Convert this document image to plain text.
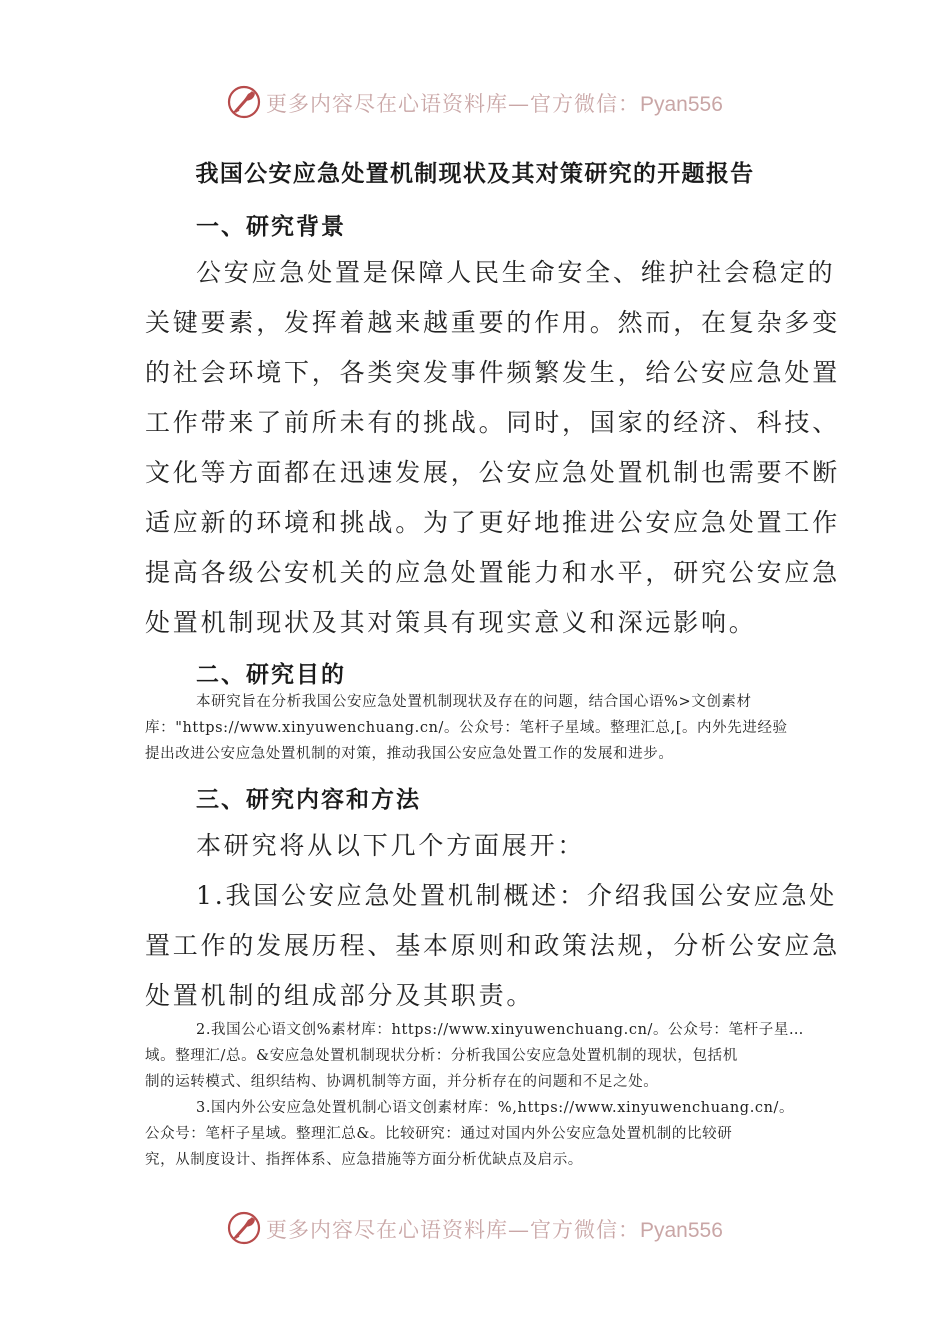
更多内容尽在心语资料库—官方微信：Pyan556
我国公安应急处置机制现状及其对策研究的开题报告
一、研究背景
公安应急处置是保障人民生命安全、维护社会稳定的
关键要素，发挥着越来越重要的作用。然而，在复杂多变
的社会环境下，各类突发事件频繁发生，给公安应急处置
工作带来了前所未有的挑战。同时，国家的经济、科技、
文化等方面都在迅速发展，公安应急处置机制也需要不断
适应新的环境和挑战。为了更好地推进公安应急处置工作
提高各级公安机关的应急处置能力和水平，研究公安应急
处置机制现状及其对策具有现实意义和深远影响。
二、研究目的
本研究旨在分析我国公安应急处置机制现状及存在的问题，结合国心语%>文创素材
库："https://www.xinyuwenchuang.cn/。公众号：笔杆子星域。整理汇总,[。内外先进经验
提出改进公安应急处置机制的对策，推动我国公安应急处置工作的发展和进步。
三、研究内容和方法
本研究将从以下几个方面展开：
1.我国公安应急处置机制概述：介绍我国公安应急处
置工作的发展历程、基本原则和政策法规，分析公安应急
处置机制的组成部分及其职责。
2.我国公心语文创%素材库：https://www.xinyuwenchuang.cn/。公众号：笔杆子星…
域。整理汇/总。&安应急处置机制现状分析：分析我国公安应急处置机制的现状，包括机
制的运转模式、组织结构、协调机制等方面，并分析存在的问题和不足之处。
3.国内外公安应急处置机制心语文创素材库：%,https://www.xinyuwenchuang.cn/。
公众号：笔杆子星域。整理汇总&。比较研究：通过对国内外公安应急处置机制的比较研
究，从制度设计、指挥体系、应急措施等方面分析优缺点及启示。
更多内容尽在心语资料库—官方微信：Pyan556
